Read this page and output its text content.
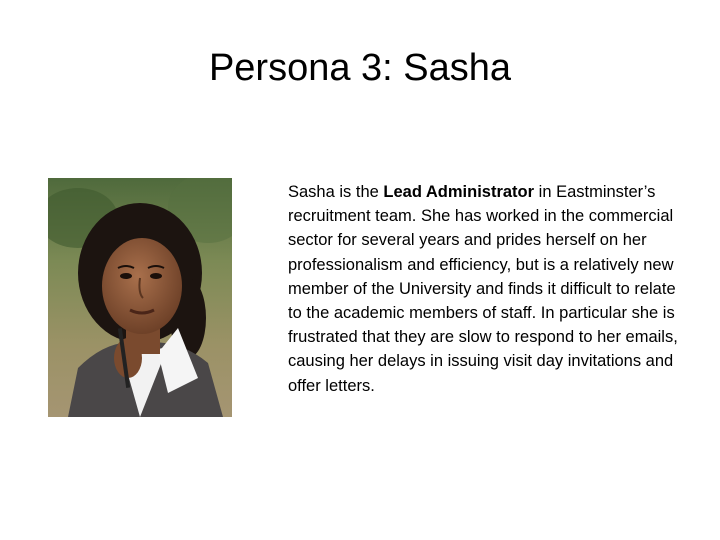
Persona 3: Sasha

Sasha is the Lead Administrator in Eastminster’s recruitment team. She has worked in the commercial sector for several years and prides herself on her professionalism and efficiency, but is a relatively new member of the University and finds it difficult to relate to the academic members of staff. In particular she is frustrated that they are slow to respond to her emails, causing her delays in issuing visit day invitations and offer letters.
